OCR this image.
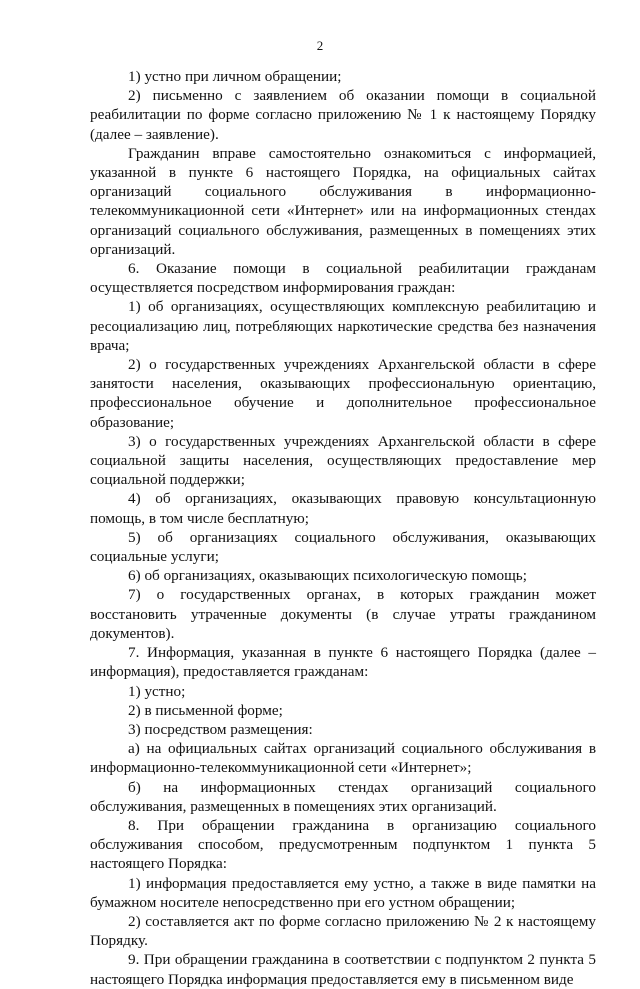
2

1) устно при личном обращении;

2) письменно с заявлением об оказании помощи в социальной реабилитации по форме согласно приложению № 1 к настоящему Порядку (далее – заявление).

Гражданин вправе самостоятельно ознакомиться с информацией, указанной в пункте 6 настоящего Порядка, на официальных сайтах организаций социального обслуживания в информационно-телекоммуникационной сети «Интернет» или на информационных стендах организаций социального обслуживания, размещенных в помещениях этих организаций.

6. Оказание помощи в социальной реабилитации гражданам осуществляется посредством информирования граждан:

1) об организациях, осуществляющих комплексную реабилитацию и ресоциализацию лиц, потребляющих наркотические средства без назначения врача;

2) о государственных учреждениях Архангельской области в сфере занятости населения, оказывающих профессиональную ориентацию, профессиональное обучение и дополнительное профессиональное образование;

3) о государственных учреждениях Архангельской области в сфере социальной защиты населения, осуществляющих предоставление мер социальной поддержки;

4) об организациях, оказывающих правовую консультационную помощь, в том числе бесплатную;

5) об организациях социального обслуживания, оказывающих социальные услуги;

6) об организациях, оказывающих психологическую помощь;

7) о государственных органах, в которых гражданин может восстановить утраченные документы (в случае утраты гражданином документов).

7. Информация, указанная в пункте 6 настоящего Порядка (далее – информация), предоставляется гражданам:

1) устно;

2) в письменной форме;

3) посредством размещения:

а) на официальных сайтах организаций социального обслуживания в информационно-телекоммуникационной сети «Интернет»;

б) на информационных стендах организаций социального обслуживания, размещенных в помещениях этих организаций.

8. При обращении гражданина в организацию социального обслуживания способом, предусмотренным подпунктом 1 пункта 5 настоящего Порядка:

1) информация предоставляется ему устно, а также в виде памятки на бумажном носителе непосредственно при его устном обращении;

2) составляется акт по форме согласно приложению № 2 к настоящему Порядку.

9. При обращении гражданина в соответствии с подпунктом 2 пункта 5 настоящего Порядка информация предоставляется ему в письменном виде
